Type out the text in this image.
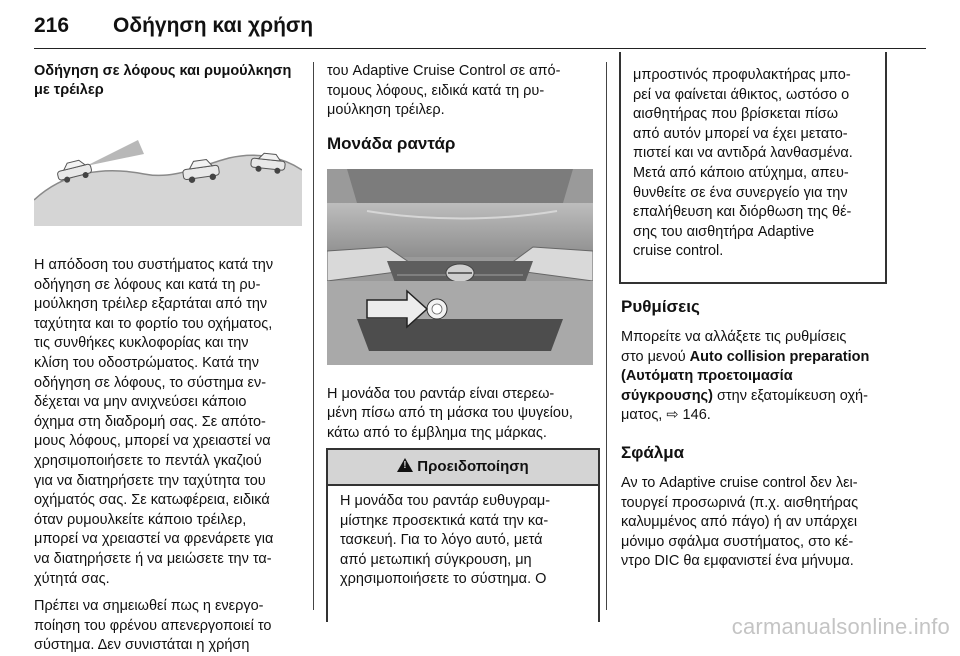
216 Οδήγηση και χρήση

Οδήγηση σε λόφους και ρυμούλκηση
με τρέιλερ

Η απόδοση του συστήματος κατά την
οδήγηση σε λόφους και κατά τη ρυ-
μούλκηση τρέιλερ εξαρτάται από την
ταχύτητα και το φορτίο του οχήματος,
τις συνθήκες κυκλοφορίας και την
κλίση του οδοστρώματος. Κατά την
οδήγηση σε λόφους, το σύστημα εν-
δέχεται να μην ανιχνεύσει κάποιο
όχημα στη διαδρομή σας. Σε απότο-
μους λόφους, μπορεί να χρειαστεί να
χρησιμοποιήσετε το πεντάλ γκαζιού
για να διατηρήσετε την ταχύτητα του
οχήματός σας. Σε κατωφέρεια, ειδικά
όταν ρυμουλκείτε κάποιο τρέιλερ,
μπορεί να χρειαστεί να φρενάρετε για
να διατηρήσετε ή να μειώσετε την τα-
χύτητά σας.

Πρέπει να σημειωθεί πως η ενεργο-
ποίηση του φρένου απενεργοποιεί το
σύστημα. Δεν συνιστάται η χρήση

του Adaptive Cruise Control σε από-
τομους λόφους, ειδικά κατά τη ρυ-
μούλκηση τρέιλερ.

Μονάδα ραντάρ

Η μονάδα του ραντάρ είναι στερεω-
μένη πίσω από τη μάσκα του ψυγείου,
κάτω από το έμβλημα της μάρκας.

!Προειδοποίηση
Η μονάδα του ραντάρ ευθυγραμ-
μίστηκε προσεκτικά κατά την κα-
τασκευή. Για το λόγο αυτό, μετά
από μετωπική σύγκρουση, μη
χρησιμοποιήσετε το σύστημα. Ο
μπροστινός προφυλακτήρας μπο-
ρεί να φαίνεται άθικτος, ωστόσο ο
αισθητήρας που βρίσκεται πίσω
από αυτόν μπορεί να έχει μετατο-
πιστεί και να αντιδρά λανθασμένα.
Μετά από κάποιο ατύχημα, απευ-
θυνθείτε σε ένα συνεργείο για την
επαλήθευση και διόρθωση της θέ-
σης του αισθητήρα Adaptive
cruise control.

Ρυθμίσεις

Μπορείτε να αλλάξετε τις ρυθμίσεις
στο μενού Auto collision preparation
(Αυτόματη προετοιμασία
σύγκρουσης) στην εξατομίκευση οχή-
ματος, ⇨ 146.

Σφάλμα

Αν το Adaptive cruise control δεν λει-
τουργεί προσωρινά (π.χ. αισθητήρας
καλυμμένος από πάγο) ή αν υπάρχει
μόνιμο σφάλμα συστήματος, στο κέ-
ντρο DIC θα εμφανιστεί ένα μήνυμα.

carmanualsonline.info
